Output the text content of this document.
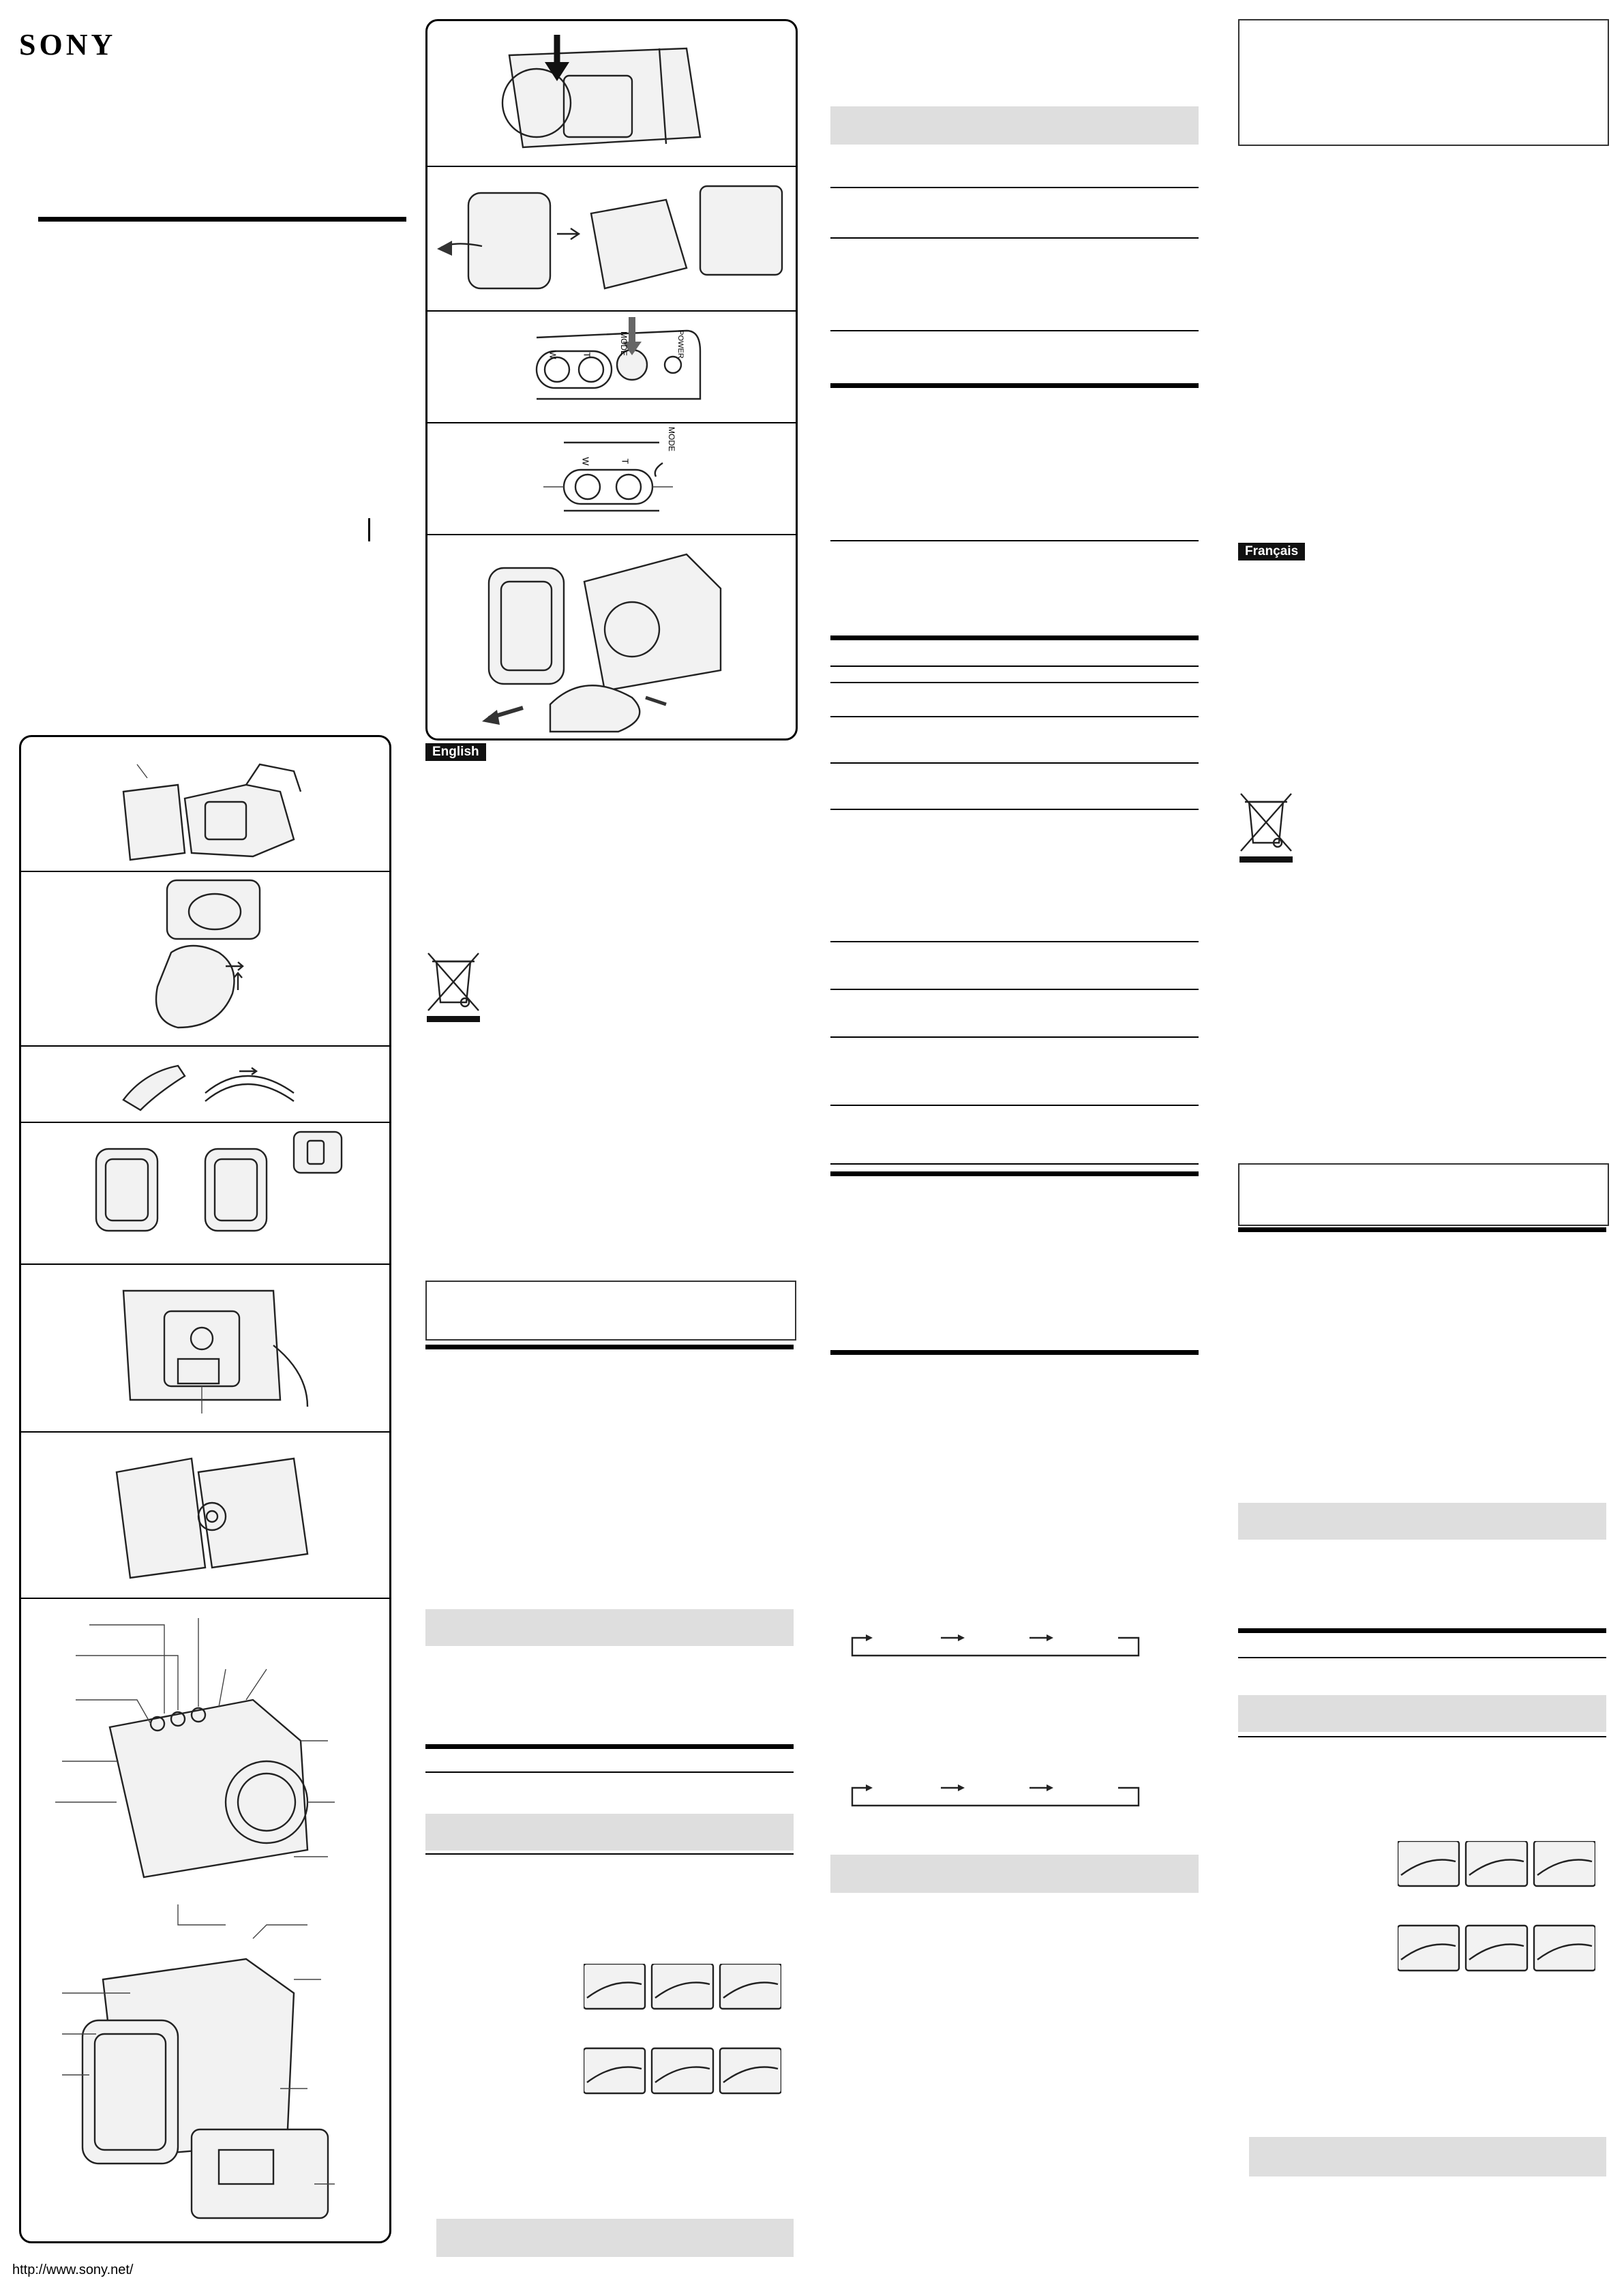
SONY
http://www.sony.net/
W	T	MODE	POWER
W	T
MODE
English
Français
